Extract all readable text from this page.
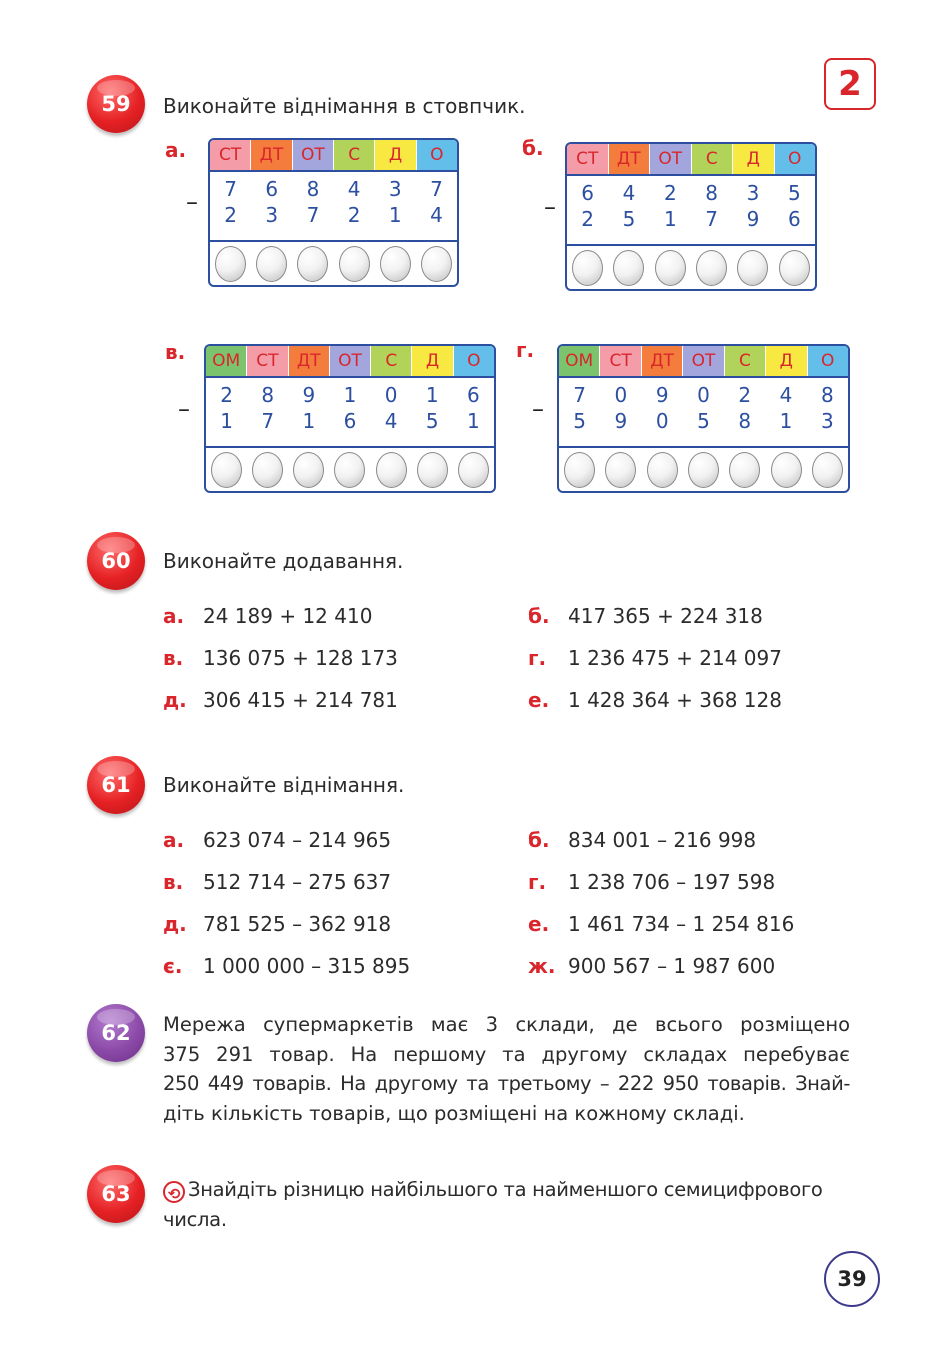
2
39
59	Виконайте віднімання в стовпчик.
а.
–
СТ	ДТ	ОТ	С	Д	О
7	6	8	4	3	7
2	3	7	2	1	4
б.
–
СТ	ДТ	ОТ	С	Д	О
6	4	2	8	3	5
2	5	1	7	9	6
в.
–
ОМ СТ	ДТ	ОТ	С	Д	О
2	8	9	1	0	1	6
1	7	1	6	4	5	1
г.
–
ОМ СТ	ДТ	ОТ	С	Д	О
7	0	9	0	2	4	8
5	9	0	5	8	1	3
60	Виконайте додавання.
а. 24 189 + 12 410	б. 417 365 + 224 318
в. 136 075 + 128 173	г. 1 236 475 + 214 097
д. 306 415 + 214 781	е. 1 428 364 + 368 128
61	Виконайте віднімання.
а. 623 074 – 214 965	б. 834 001 – 216 998
в. 512 714 – 275 637	г. 1 238 706 – 197 598
д. 781 525 – 362 918	е. 1 461 734 – 1 254 816
є. 1 000 000 – 315 895	ж. 900 567 – 1 987 600
62	Мережа супермаркетів має 3 склади, де всього розміщено
375 291 товар. На першому та другому складах перебуває
250 449 товарів. На другому та третьому – 222 950 товарів. Знай-
діть кількість товарів, що розміщені на кожному складі.
63	⟲ Знайдіть різницю найбільшого та найменшого семицифрового
числа.
